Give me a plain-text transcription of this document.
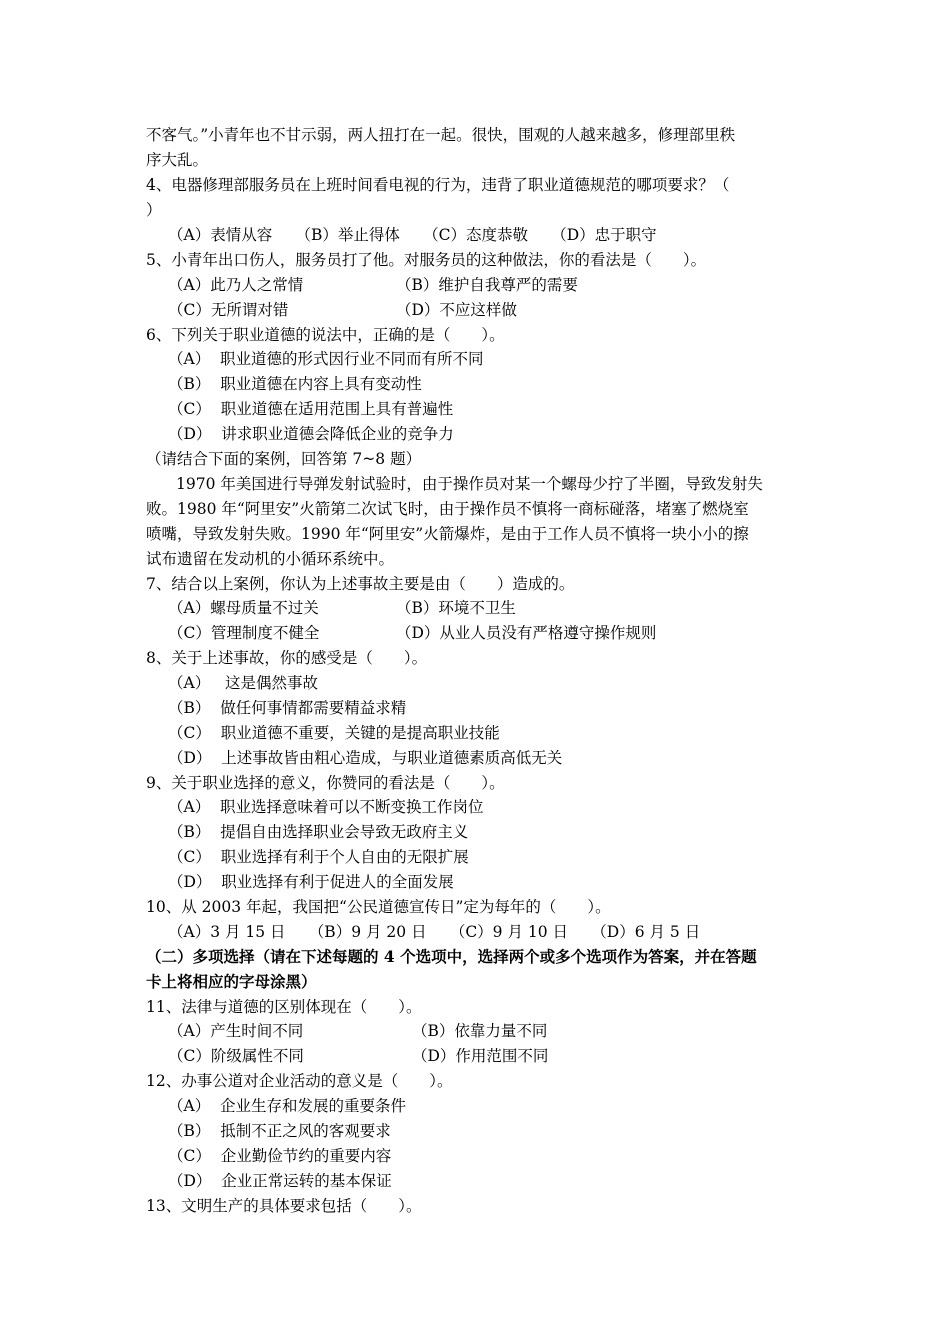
不客气。”小青年也不甘示弱，两人扭打在一起。很快，围观的人越来越多，修理部里秩
序大乱。
4、电器修理部服务员在上班时间看电视的行为，违背了职业道德规范的哪项要求？（
）
（A）表情从容　　（B）举止得体　　（C）态度恭敬　　（D）忠于职守
5、小青年出口伤人，服务员打了他。对服务员的这种做法，你的看法是（　　）。
（A）此乃人之常情	（B）维护自我尊严的需要
（C）无所谓对错	（D）不应这样做
6、下列关于职业道德的说法中，正确的是（　　）。
（A）  职业道德的形式因行业不同而有所不同
（B）  职业道德在内容上具有变动性
（C）  职业道德在适用范围上具有普遍性
（D）  讲求职业道德会降低企业的竞争力
（请结合下面的案例，回答第 7~8 题）
1970 年美国进行导弹发射试验时，由于操作员对某一个螺母少拧了半圈，导致发射失
败。1980 年“阿里安”火箭第二次试飞时，由于操作员不慎将一商标碰落，堵塞了燃烧室
喷嘴，导致发射失败。1990 年“阿里安”火箭爆炸，是由于工作人员不慎将一块小小的擦
试布遗留在发动机的小循环系统中。
7、结合以上案例，你认为上述事故主要是由（　　）造成的。
（A）螺母质量不过关	（B）环境不卫生
（C）管理制度不健全	（D）从业人员没有严格遵守操作规则
8、关于上述事故，你的感受是（　　）。
（A）   这是偶然事故
（B）  做任何事情都需要精益求精
（C）  职业道德不重要，关键的是提高职业技能
（D）  上述事故皆由粗心造成，与职业道德素质高低无关
9、关于职业选择的意义，你赞同的看法是（　　）。
（A）  职业选择意味着可以不断变换工作岗位
（B）  提倡自由选择职业会导致无政府主义
（C）  职业选择有利于个人自由的无限扩展
（D）  职业选择有利于促进人的全面发展
10、从 2003 年起，我国把“公民道德宣传日”定为每年的（　　）。
（A）3 月 15 日　　（B）9 月 20 日　　（C）9 月 10 日　　（D）6 月 5 日
（二）多项选择（请在下述每题的 4 个选项中，选择两个或多个选项作为答案，并在答题
卡上将相应的字母涂黑）
11、法律与道德的区别体现在（　　）。
（A）产生时间不同	（B）依靠力量不同
（C）阶级属性不同	（D）作用范围不同
12、办事公道对企业活动的意义是（　　）。
（A）  企业生存和发展的重要条件
（B）  抵制不正之风的客观要求
（C）  企业勤俭节约的重要内容
（D）  企业正常运转的基本保证
13、文明生产的具体要求包括（　　）。
